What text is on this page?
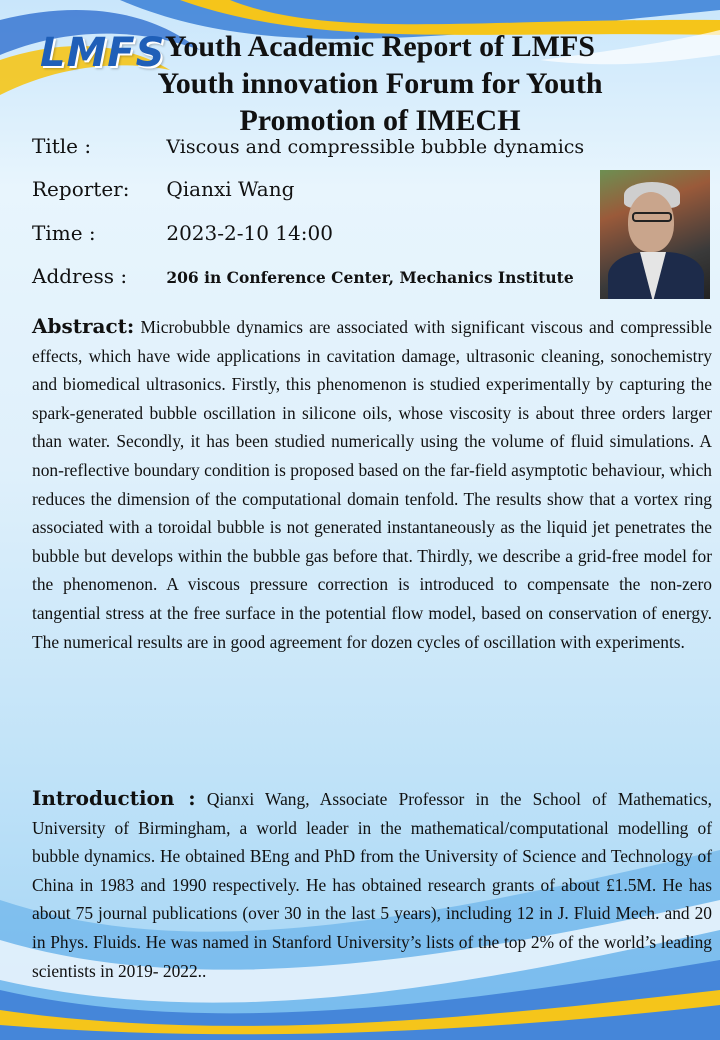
LMFS Youth Academic Report of LMFS
Youth innovation Forum for Youth
Promotion of IMECH
Title :	Viscous and compressible bubble dynamics
Reporter: Qianxi Wang
Time :	2023-2-10 14:00
Address :	206 in Conference Center, Mechanics Institute
Abstract: Microbubble dynamics are associated with significant viscous and compressible effects, which have wide applications in cavitation damage, ultrasonic cleaning, sonochemistry and biomedical ultrasonics. Firstly, this phenomenon is studied experimentally by capturing the spark-generated bubble oscillation in silicone oils, whose viscosity is about three orders larger than water. Secondly, it has been studied numerically using the volume of fluid simulations. A non-reflective boundary condition is proposed based on the far-field asymptotic behaviour, which reduces the dimension of the computational domain tenfold. The results show that a vortex ring associated with a toroidal bubble is not generated instantaneously as the liquid jet penetrates the bubble but develops within the bubble gas before that. Thirdly, we describe a grid-free model for the phenomenon. A viscous pressure correction is introduced to compensate the non-zero tangential stress at the free surface in the potential flow model, based on conservation of energy. The numerical results are in good agreement for dozen cycles of oscillation with experiments.
Introduction : Qianxi Wang, Associate Professor in the School of Mathematics, University of Birmingham, a world leader in the mathematical/computational modelling of bubble dynamics. He obtained BEng and PhD from the University of Science and Technology of China in 1983 and 1990 respectively. He has obtained research grants of about £1.5M. He has about 75 journal publications (over 30 in the last 5 years), including 12 in J. Fluid Mech. and 20 in Phys. Fluids. He was named in Stanford University’s lists of the top 2% of the world’s leading scientists in 2019- 2022..
